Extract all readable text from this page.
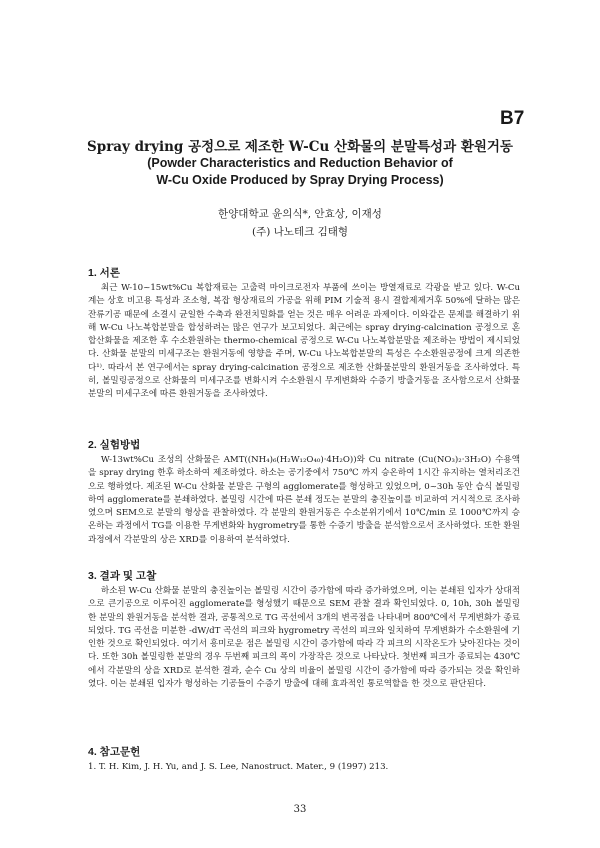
B7
Spray drying 공정으로 제조한 W-Cu 산화물의 분말특성과 환원거동
(Powder Characteristics and Reduction Behavior of
W-Cu Oxide Produced by Spray Drying Process)
한양대학교 윤의식*, 안효상, 이재성
(주) 나노테크 김태형
1. 서론

최근 W-10~15wt%Cu 복합재료는 고출력 마이크로전자 부품에 쓰이는 방열재료로 각광을 받고 있다. W-Cu 계는 상호 비고용 특성과 조소형, 복잡 형상재료의 가공을 위해 PIM 기술적 용시 결합제제거후 50%에 달하는 많은 잔류기공 때문에 소결시 균일한 수축과 완전치밀화를 얻는 것은 매우 어려운 과제이다. 이와같은 문제를 해결하기 위해 W-Cu 나노복합분말을 합성하려는 많은 연구가 보고되었다. 최근에는 spray drying-calcination 공정으로 혼합산화물을 제조한 후 수소환원하는 thermo-chemical 공정으로 W-Cu 나노복합분말을 제조하는 방법이 제시되었다. 산화물 분말의 미세구조는 환원거동에 영향을 주며, W-Cu 나노복합분말의 특성은 수소환원공정에 크게 의존한다¹⁾. 따라서 본 연구에서는 spray drying-calcination 공정으로 제조한 산화물분말의 환원거동을 조사하였다. 특히, 볼밀링공정으로 산화물의 미세구조를 변화시켜 수소환원시 무게변화와 수증기 방출거동을 조사함으로서 산화물 분말의 미세구조에 따른 환원거동을 조사하였다.

2. 실험방법

W-13wt%Cu 조성의 산화물은 AMT((NH₄)₆(H₂W₁₂O₄₀)·4H₂O))와 Cu nitrate (Cu(NO₃)₂·3H₂O) 수용액을 spray drying 한후 하소하여 제조하였다. 하소는 공기중에서 750℃ 까지 승온하여 1시간 유지하는 열처리조건으로 행하였다. 제조된 W-Cu 산화물 분말은 구형의 agglomerate를 형성하고 있었으며, 0~30h 동안 습식 볼밀링하여 agglomerate를 분쇄하였다. 볼밀링 시간에 따른 분쇄 정도는 분말의 충진높이를 비교하여 거시적으로 조사하였으며 SEM으로 분말의 형상을 관찰하였다. 각 분말의 환원거동은 수소분위기에서 10℃/min 로 1000℃까지 승온하는 과정에서 TG를 이용한 무게변화와 hygrometry를 통한 수증기 방출을 분석함으로서 조사하였다. 또한 환원과정에서 각분말의 상은 XRD를 이용하여 분석하였다.

3. 결과 및 고찰

하소된 W-Cu 산화물 분말의 충진높이는 볼밀링 시간이 증가함에 따라 증가하였으며, 이는 분쇄된 입자가 상대적으로 큰기공으로 이루어진 agglomerate를 형성했기 때문으로 SEM 관찰 결과 확인되었다. 0, 10h, 30h 볼밀링한 분말의 환원거동을 분석한 결과, 공통적으로 TG 곡선에서 3개의 변곡점을 나타내며 800℃에서 무게변화가 종료되었다. TG 곡선을 미분한 -dW/dT 곡선의 피크와 hygrometry 곡선의 피크와 일치하여 무게변화가 수소환원에 기인한 것으로 확인되었다. 여기서 흥미로운 점은 볼밀링 시간이 증가함에 따라 각 피크의 시작온도가 낮아진다는 것이다. 또한 30h 볼밀링한 분말의 경우 두번째 피크의 폭이 가장작은 것으로 나타났다. 첫번째 피크가 종료되는 430℃에서 각분말의 상을 XRD로 분석한 결과, 순수 Cu 상의 비율이 볼밀링 시간이 증가함에 따라 증가되는 것을 확인하였다. 이는 분쇄된 입자가 형성하는 기공들이 수증기 방출에 대해 효과적인 통로역할을 한 것으로 판단된다.

4. 참고문헌

1. T. H. Kim, J. H. Yu, and J. S. Lee, Nanostruct. Mater., 9 (1997) 213.

33
